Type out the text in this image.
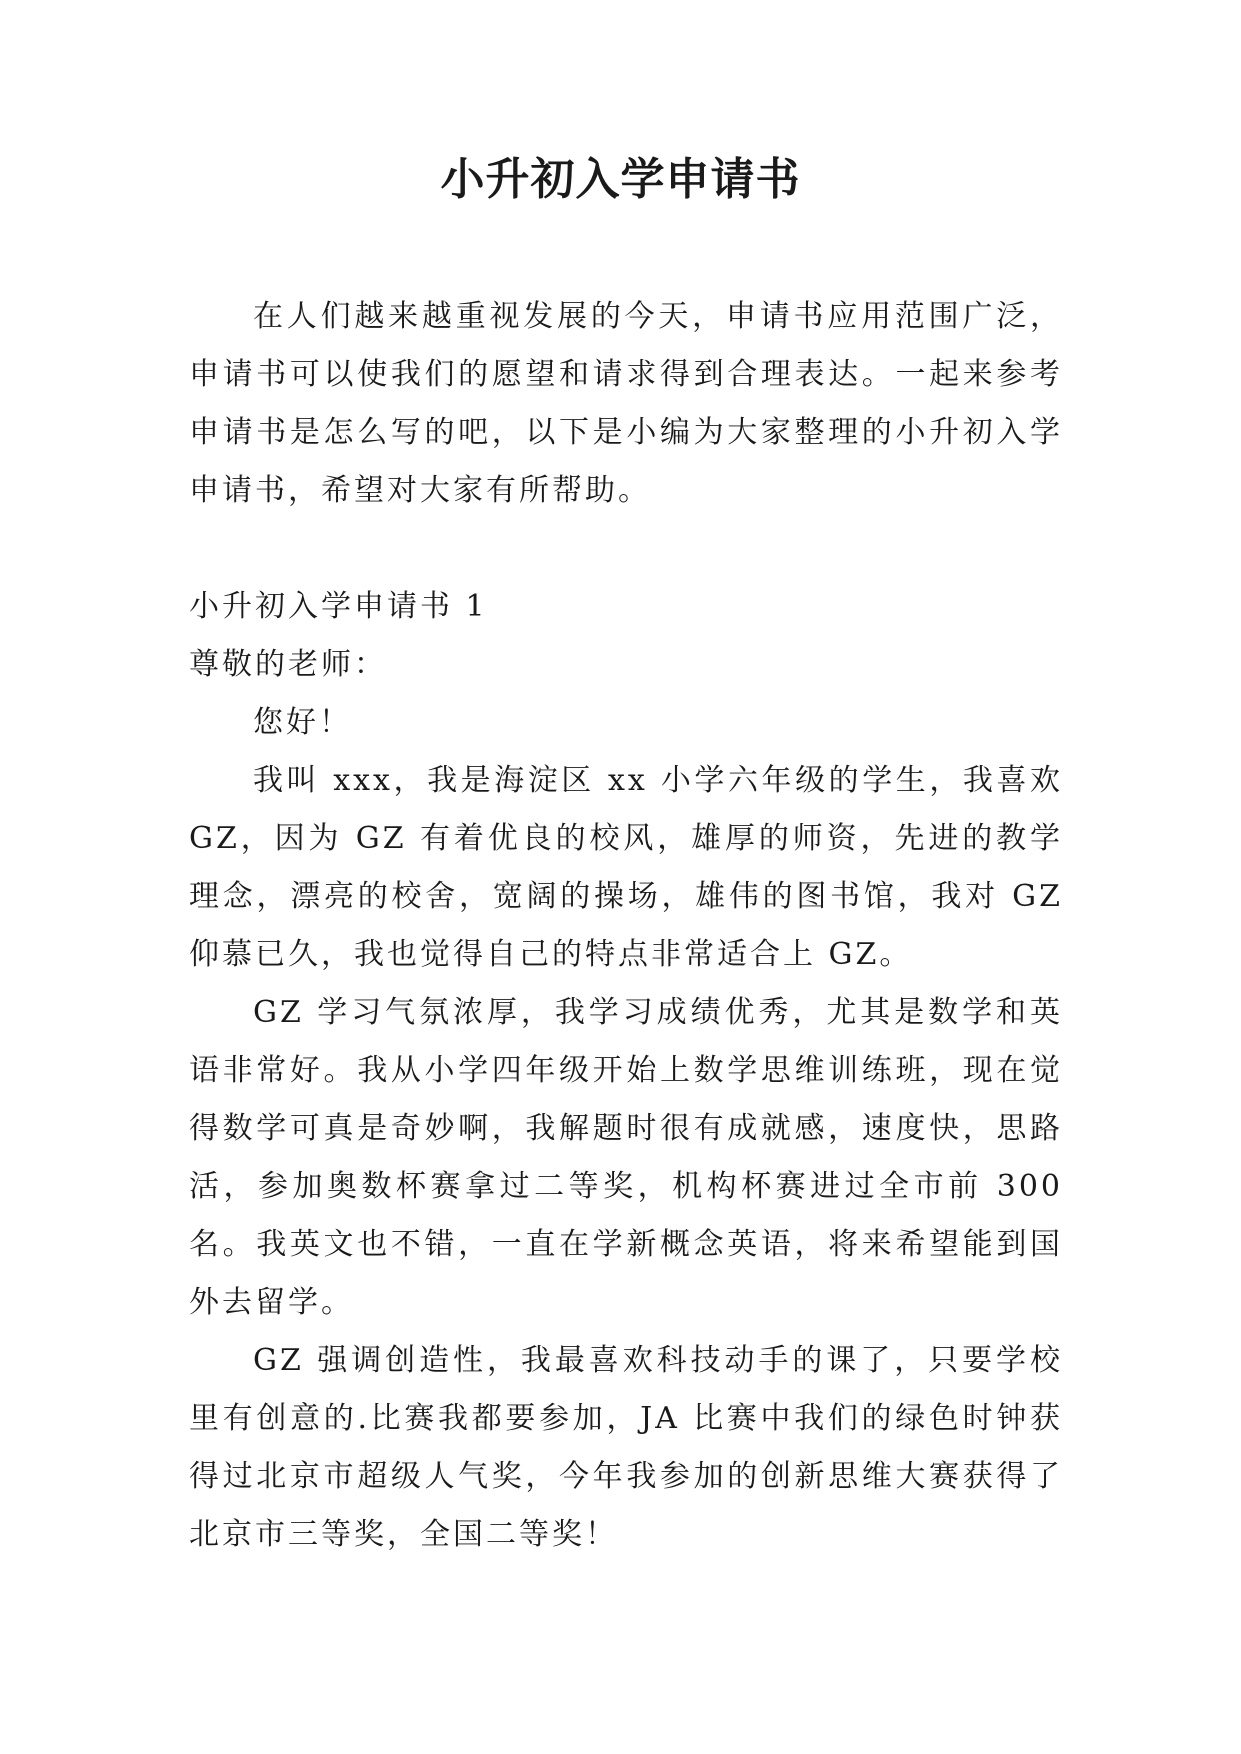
小升初入学申请书

在人们越来越重视发展的今天，申请书应用范围广泛，申请书可以使我们的愿望和请求得到合理表达。一起来参考申请书是怎么写的吧，以下是小编为大家整理的小升初入学申请书，希望对大家有所帮助。

小升初入学申请书 1

尊敬的老师：

您好！

我叫 xxx，我是海淀区 xx 小学六年级的学生，我喜欢 GZ，因为 GZ 有着优良的校风，雄厚的师资，先进的教学理念，漂亮的校舍，宽阔的操场，雄伟的图书馆，我对 GZ 仰慕已久，我也觉得自己的特点非常适合上 GZ。

GZ 学习气氛浓厚，我学习成绩优秀，尤其是数学和英语非常好。我从小学四年级开始上数学思维训练班，现在觉得数学可真是奇妙啊，我解题时很有成就感，速度快，思路活，参加奥数杯赛拿过二等奖，机构杯赛进过全市前 300 名。我英文也不错，一直在学新概念英语，将来希望能到国外去留学。

GZ 强调创造性，我最喜欢科技动手的课了，只要学校里有创意的.比赛我都要参加，JA 比赛中我们的绿色时钟获得过北京市超级人气奖，今年我参加的创新思维大赛获得了北京市三等奖，全国二等奖！
